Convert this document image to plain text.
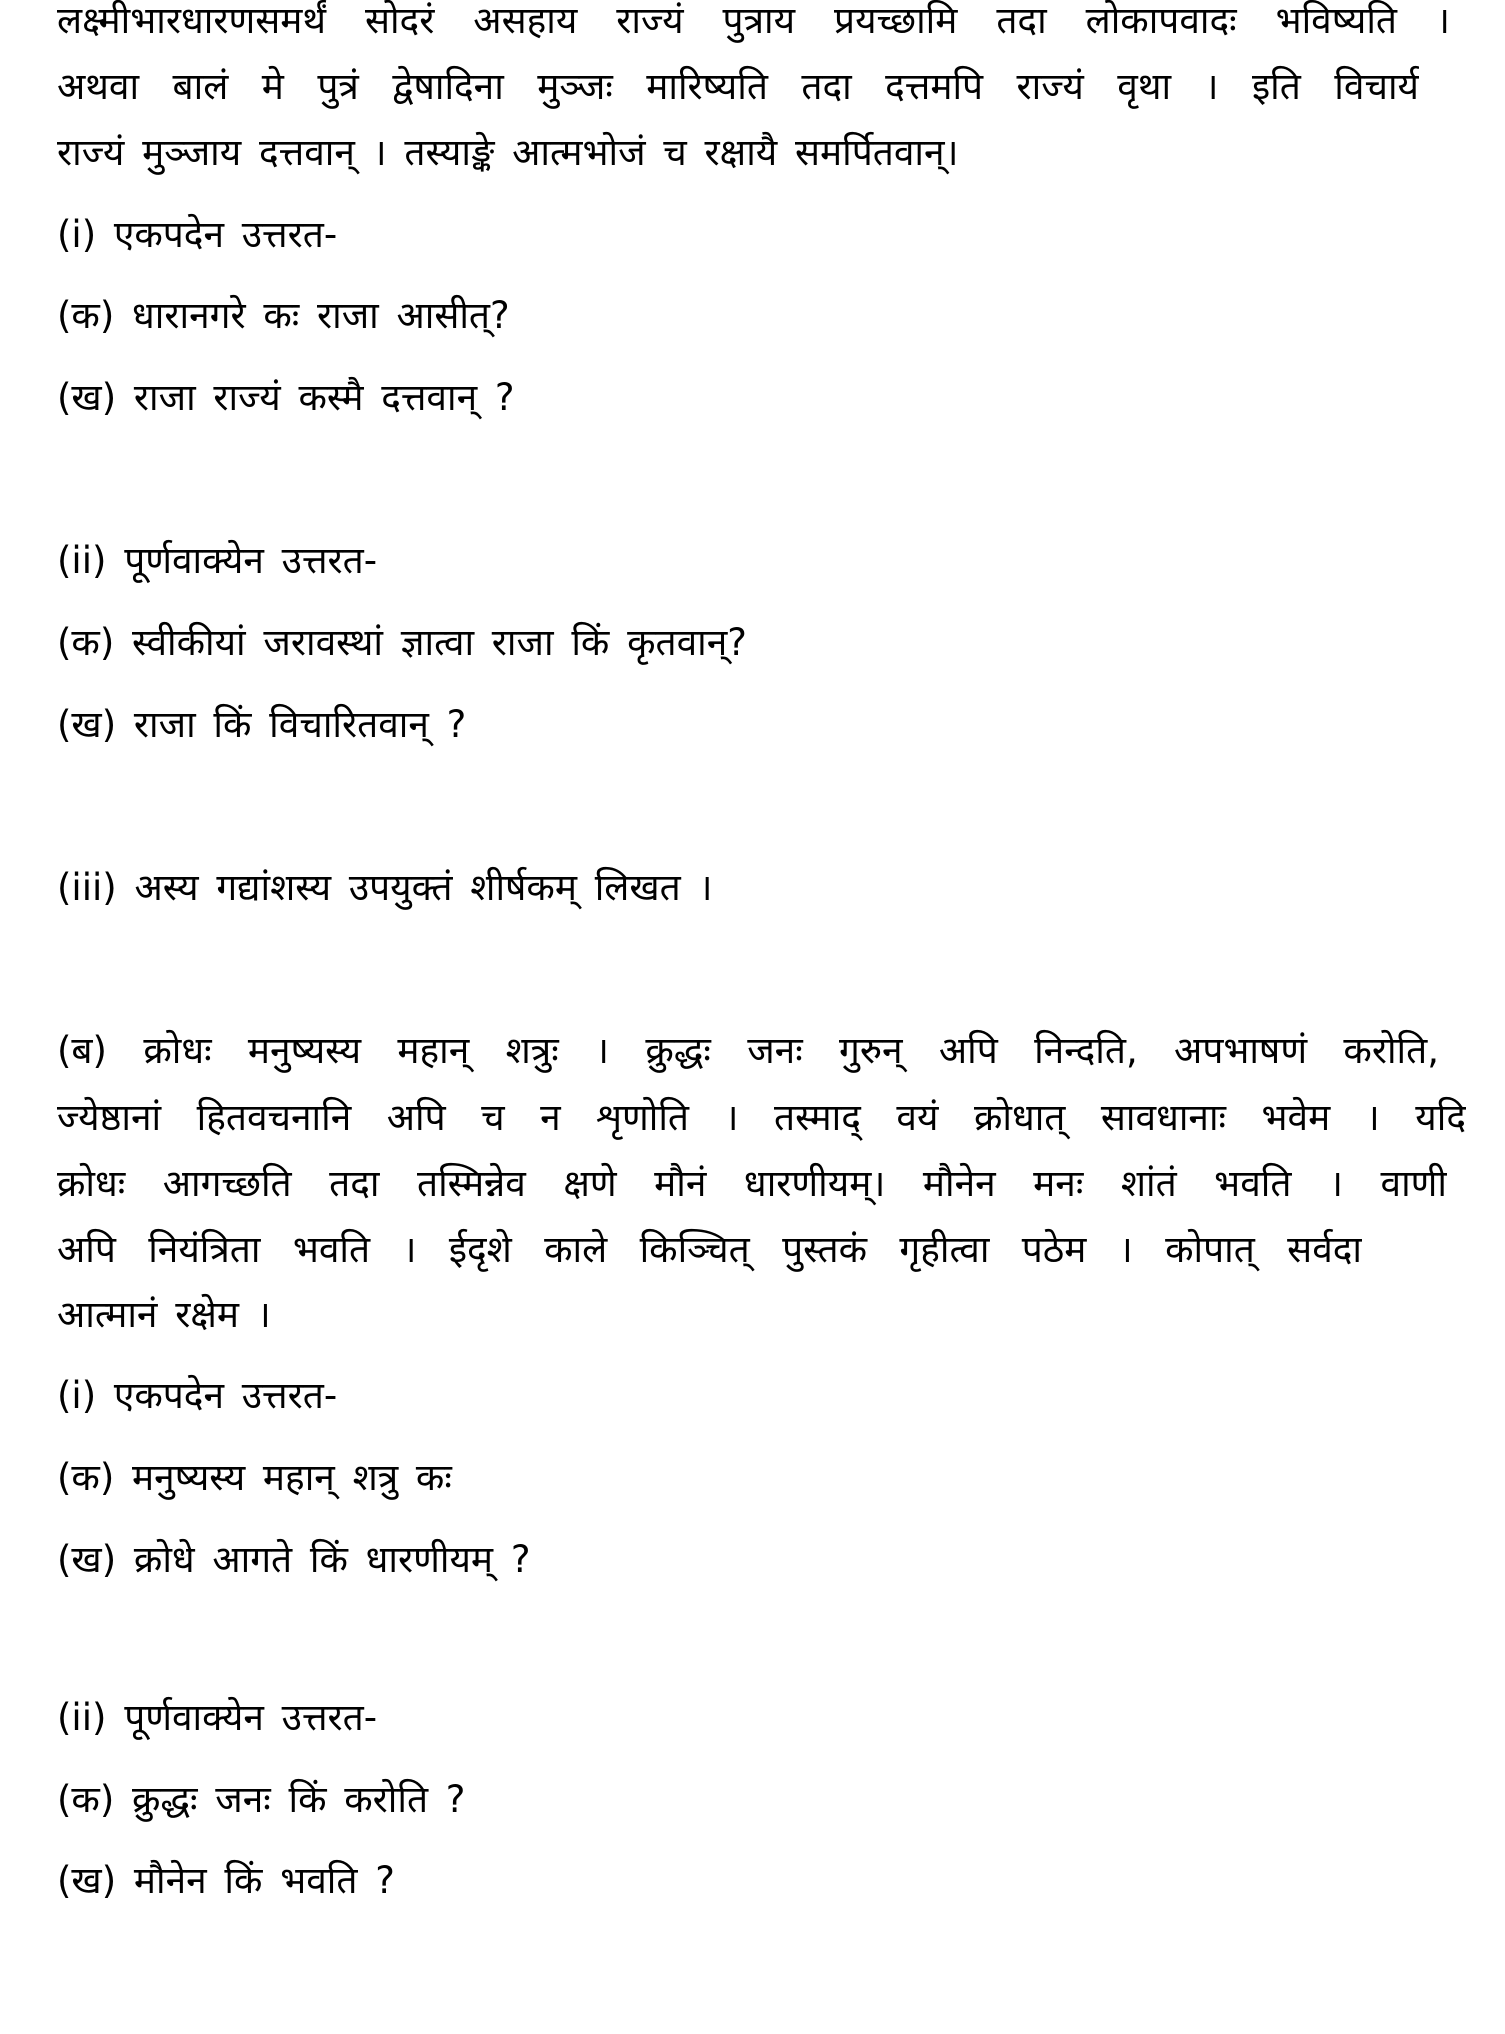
लक्ष्मीभारधारणसमर्थं सोदरं असहाय राज्यं पुत्राय प्रयच्छामि तदा लोकापवादः भविष्यति ।
अथवा बालं मे पुत्रं द्वेषादिना मुञ्जः मारिष्यति तदा दत्तमपि राज्यं वृथा । इति विचार्य
राज्यं मुञ्जाय दत्तवान् । तस्याङ्के आत्मभोजं च रक्षायै समर्पितवान्।
(i) एकपदेन उत्तरत-
(क) धारानगरे कः राजा आसीत्?
(ख) राजा राज्यं कस्मै दत्तवान् ?
(ii) पूर्णवाक्येन उत्तरत-
(क) स्वीकीयां जरावस्थां ज्ञात्वा राजा किं कृतवान्?
(ख) राजा किं विचारितवान् ?
(iii) अस्य गद्यांशस्य उपयुक्तं शीर्षकम् लिखत ।
(ब) क्रोधः मनुष्यस्य महान् शत्रुः । क्रुद्धः जनः गुरुन् अपि निन्दति, अपभाषणं करोति,
ज्येष्ठानां हितवचनानि अपि च न शृणोति । तस्माद् वयं क्रोधात् सावधानाः भवेम । यदि
क्रोधः आगच्छति तदा तस्मिन्नेव क्षणे मौनं धारणीयम्। मौनेन मनः शांतं भवति । वाणी
अपि नियंत्रिता भवति । ईदृशे काले किञ्चित् पुस्तकं गृहीत्वा पठेम । कोपात् सर्वदा
आत्मानं रक्षेम ।
(i) एकपदेन उत्तरत-
(क) मनुष्यस्य महान् शत्रु कः
(ख) क्रोधे आगते किं धारणीयम् ?
(ii) पूर्णवाक्येन उत्तरत-
(क) क्रुद्धः जनः किं करोति ?
(ख) मौनेन किं भवति ?
